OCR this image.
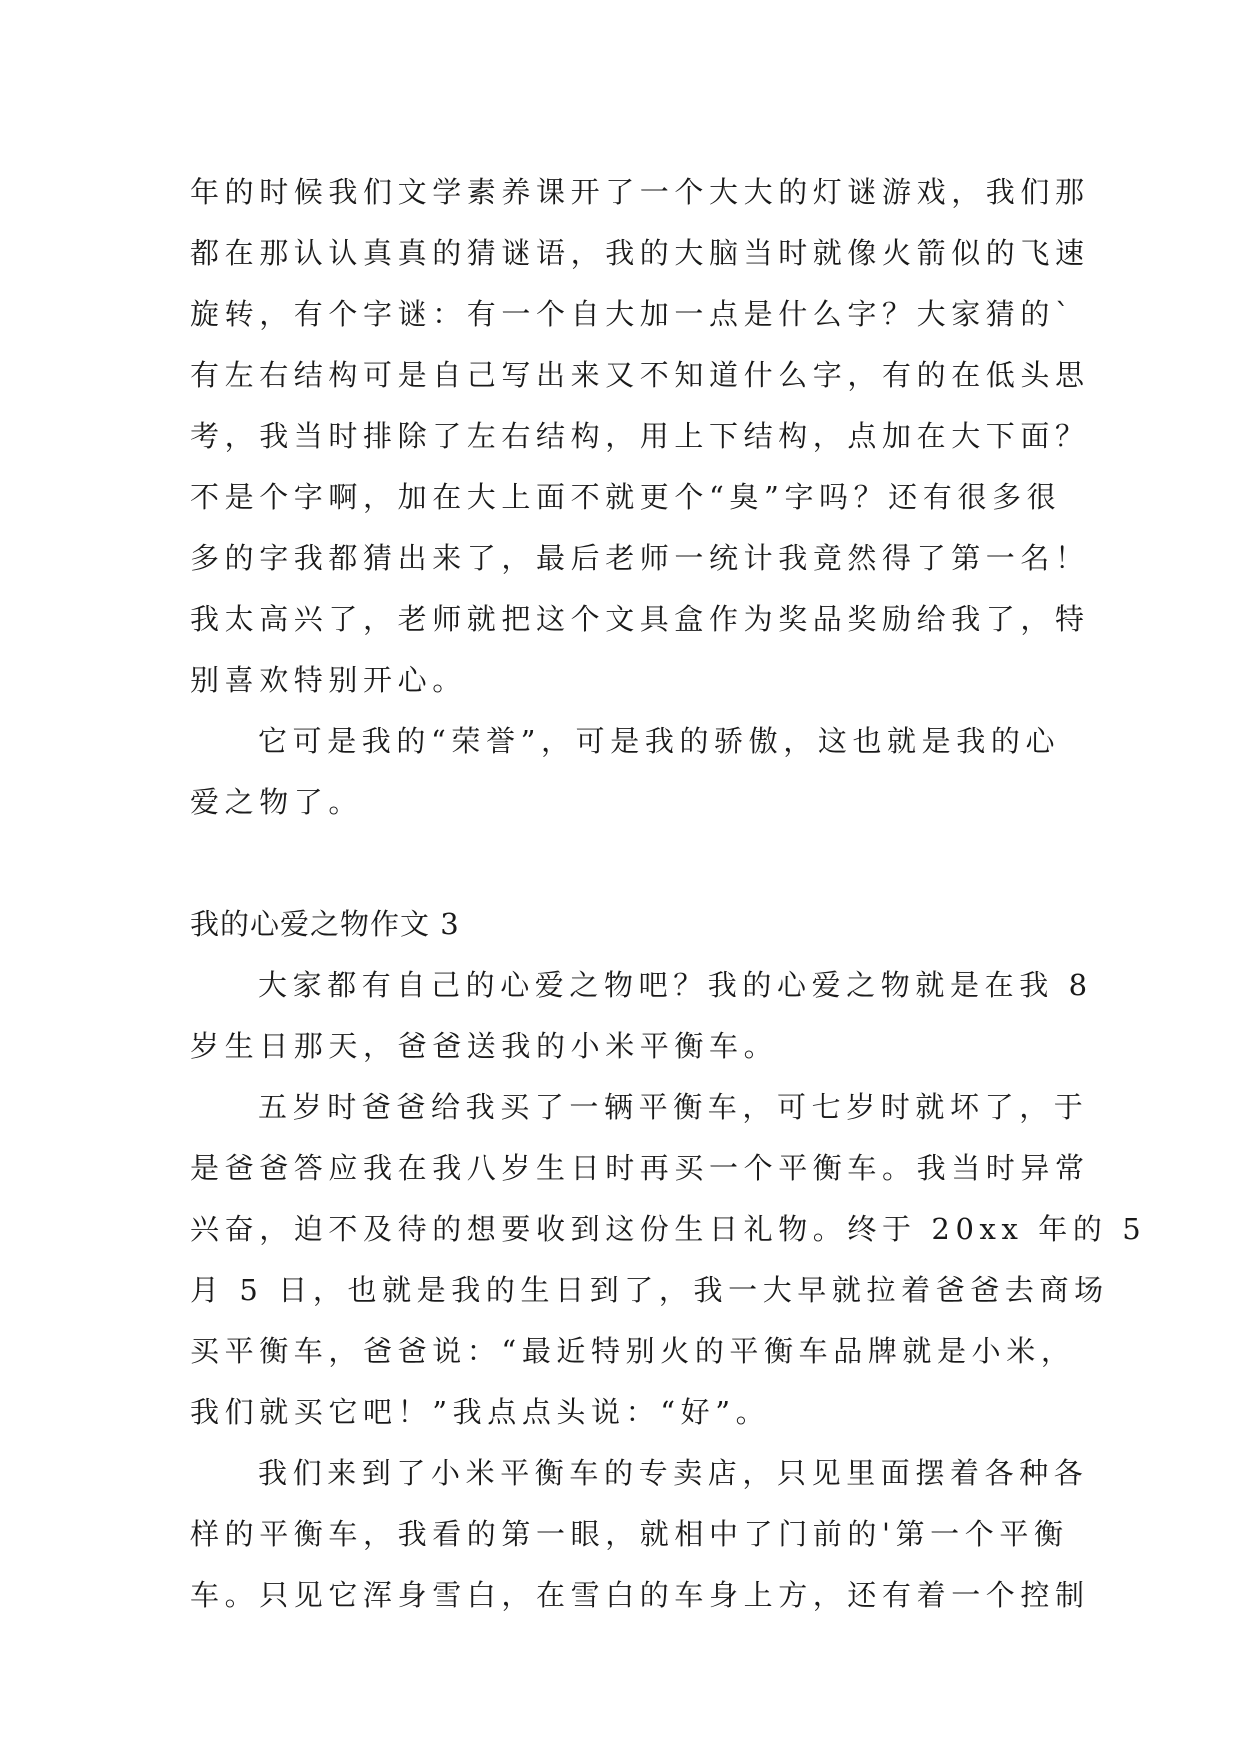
年的时候我们文学素养课开了一个大大的灯谜游戏，我们那
都在那认认真真的猜谜语，我的大脑当时就像火箭似的飞速
旋转，有个字谜：有一个自大加一点是什么字？大家猜的`
有左右结构可是自己写出来又不知道什么字，有的在低头思
考，我当时排除了左右结构，用上下结构，点加在大下面？
不是个字啊，加在大上面不就更个“臭”字吗？还有很多很
多的字我都猜出来了，最后老师一统计我竟然得了第一名！
我太高兴了，老师就把这个文具盒作为奖品奖励给我了，特
别喜欢特别开心。
它可是我的“荣誉”，可是我的骄傲，这也就是我的心
爱之物了。
我的心爱之物作文 3
大家都有自己的心爱之物吧？我的心爱之物就是在我 8
岁生日那天，爸爸送我的小米平衡车。
五岁时爸爸给我买了一辆平衡车，可七岁时就坏了，于
是爸爸答应我在我八岁生日时再买一个平衡车。我当时异常
兴奋，迫不及待的想要收到这份生日礼物。终于 20xx 年的 5
月 5 日，也就是我的生日到了，我一大早就拉着爸爸去商场
买平衡车，爸爸说：“最近特别火的平衡车品牌就是小米，
我们就买它吧！”我点点头说：“好”。
我们来到了小米平衡车的专卖店，只见里面摆着各种各
样的平衡车，我看的第一眼，就相中了门前的'第一个平衡
车。只见它浑身雪白，在雪白的车身上方，还有着一个控制
